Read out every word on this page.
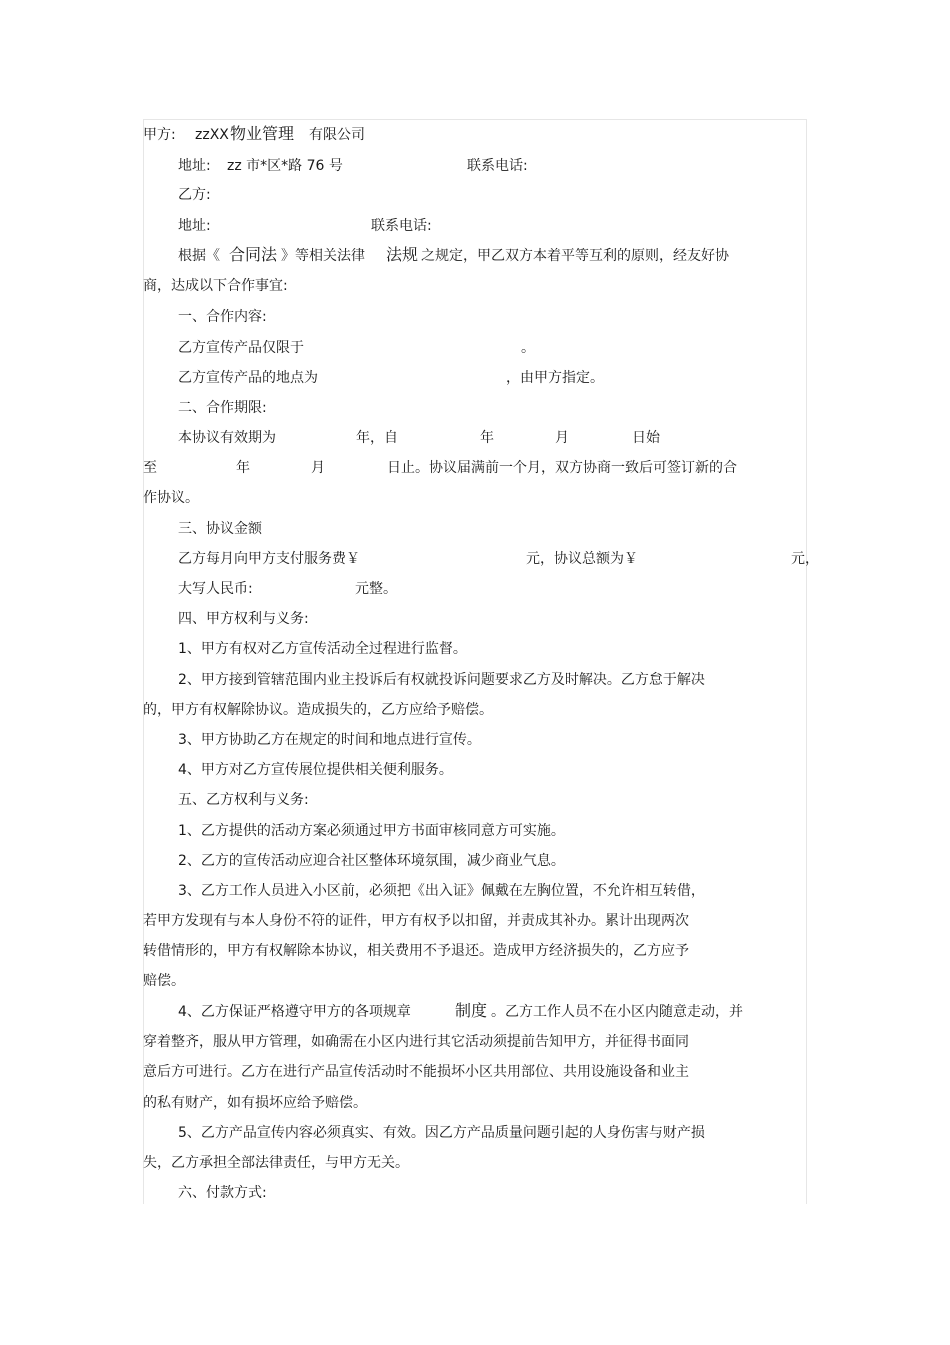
甲方: zzXX 物业管理 有限公司
地址: zz 市*区*路 76 号	联系电话:
乙方:
地址:	联系电话:
根据《 合同法 》等相关法律 法规 之规定，甲乙双方本着平等互利的原则，经友好协
商，达成以下合作事宜:
一、合作内容:
乙方宣传产品仅限于	。
乙方宣传产品的地点为	，由甲方指定。
二、合作期限:
本协议有效期为	年，自	年	月	日始
至	年	月	日止。协议届满前一个月，双方协商一致后可签订新的合
作协议。
三、协议金额
乙方每月向甲方支付服务费￥	元，协议总额为￥	元，
大写人民币:	元整。
四、甲方权利与义务:
1、甲方有权对乙方宣传活动全过程进行监督。
2、甲方接到管辖范围内业主投诉后有权就投诉问题要求乙方及时解决。乙方怠于解决
的，甲方有权解除协议。造成损失的，乙方应给予赔偿。
3、甲方协助乙方在规定的时间和地点进行宣传。
4、甲方对乙方宣传展位提供相关便利服务。
五、乙方权利与义务:
1、乙方提供的活动方案必须通过甲方书面审核同意方可实施。
2、乙方的宣传活动应迎合社区整体环境氛围，减少商业气息。
3、乙方工作人员进入小区前，必须把《出入证》佩戴在左胸位置，不允许相互转借，
若甲方发现有与本人身份不符的证件，甲方有权予以扣留，并责成其补办。累计出现两次
转借情形的，甲方有权解除本协议，相关费用不予退还。造成甲方经济损失的，乙方应予
赔偿。
4、乙方保证严格遵守甲方的各项规章	制度 。乙方工作人员不在小区内随意走动，并
穿着整齐，服从甲方管理，如确需在小区内进行其它活动须提前告知甲方，并征得书面同
意后方可进行。乙方在进行产品宣传活动时不能损坏小区共用部位、共用设施设备和业主
的私有财产，如有损坏应给予赔偿。
5、乙方产品宣传内容必须真实、有效。因乙方产品质量问题引起的人身伤害与财产损
失，乙方承担全部法律责任，与甲方无关。
六、付款方式:
